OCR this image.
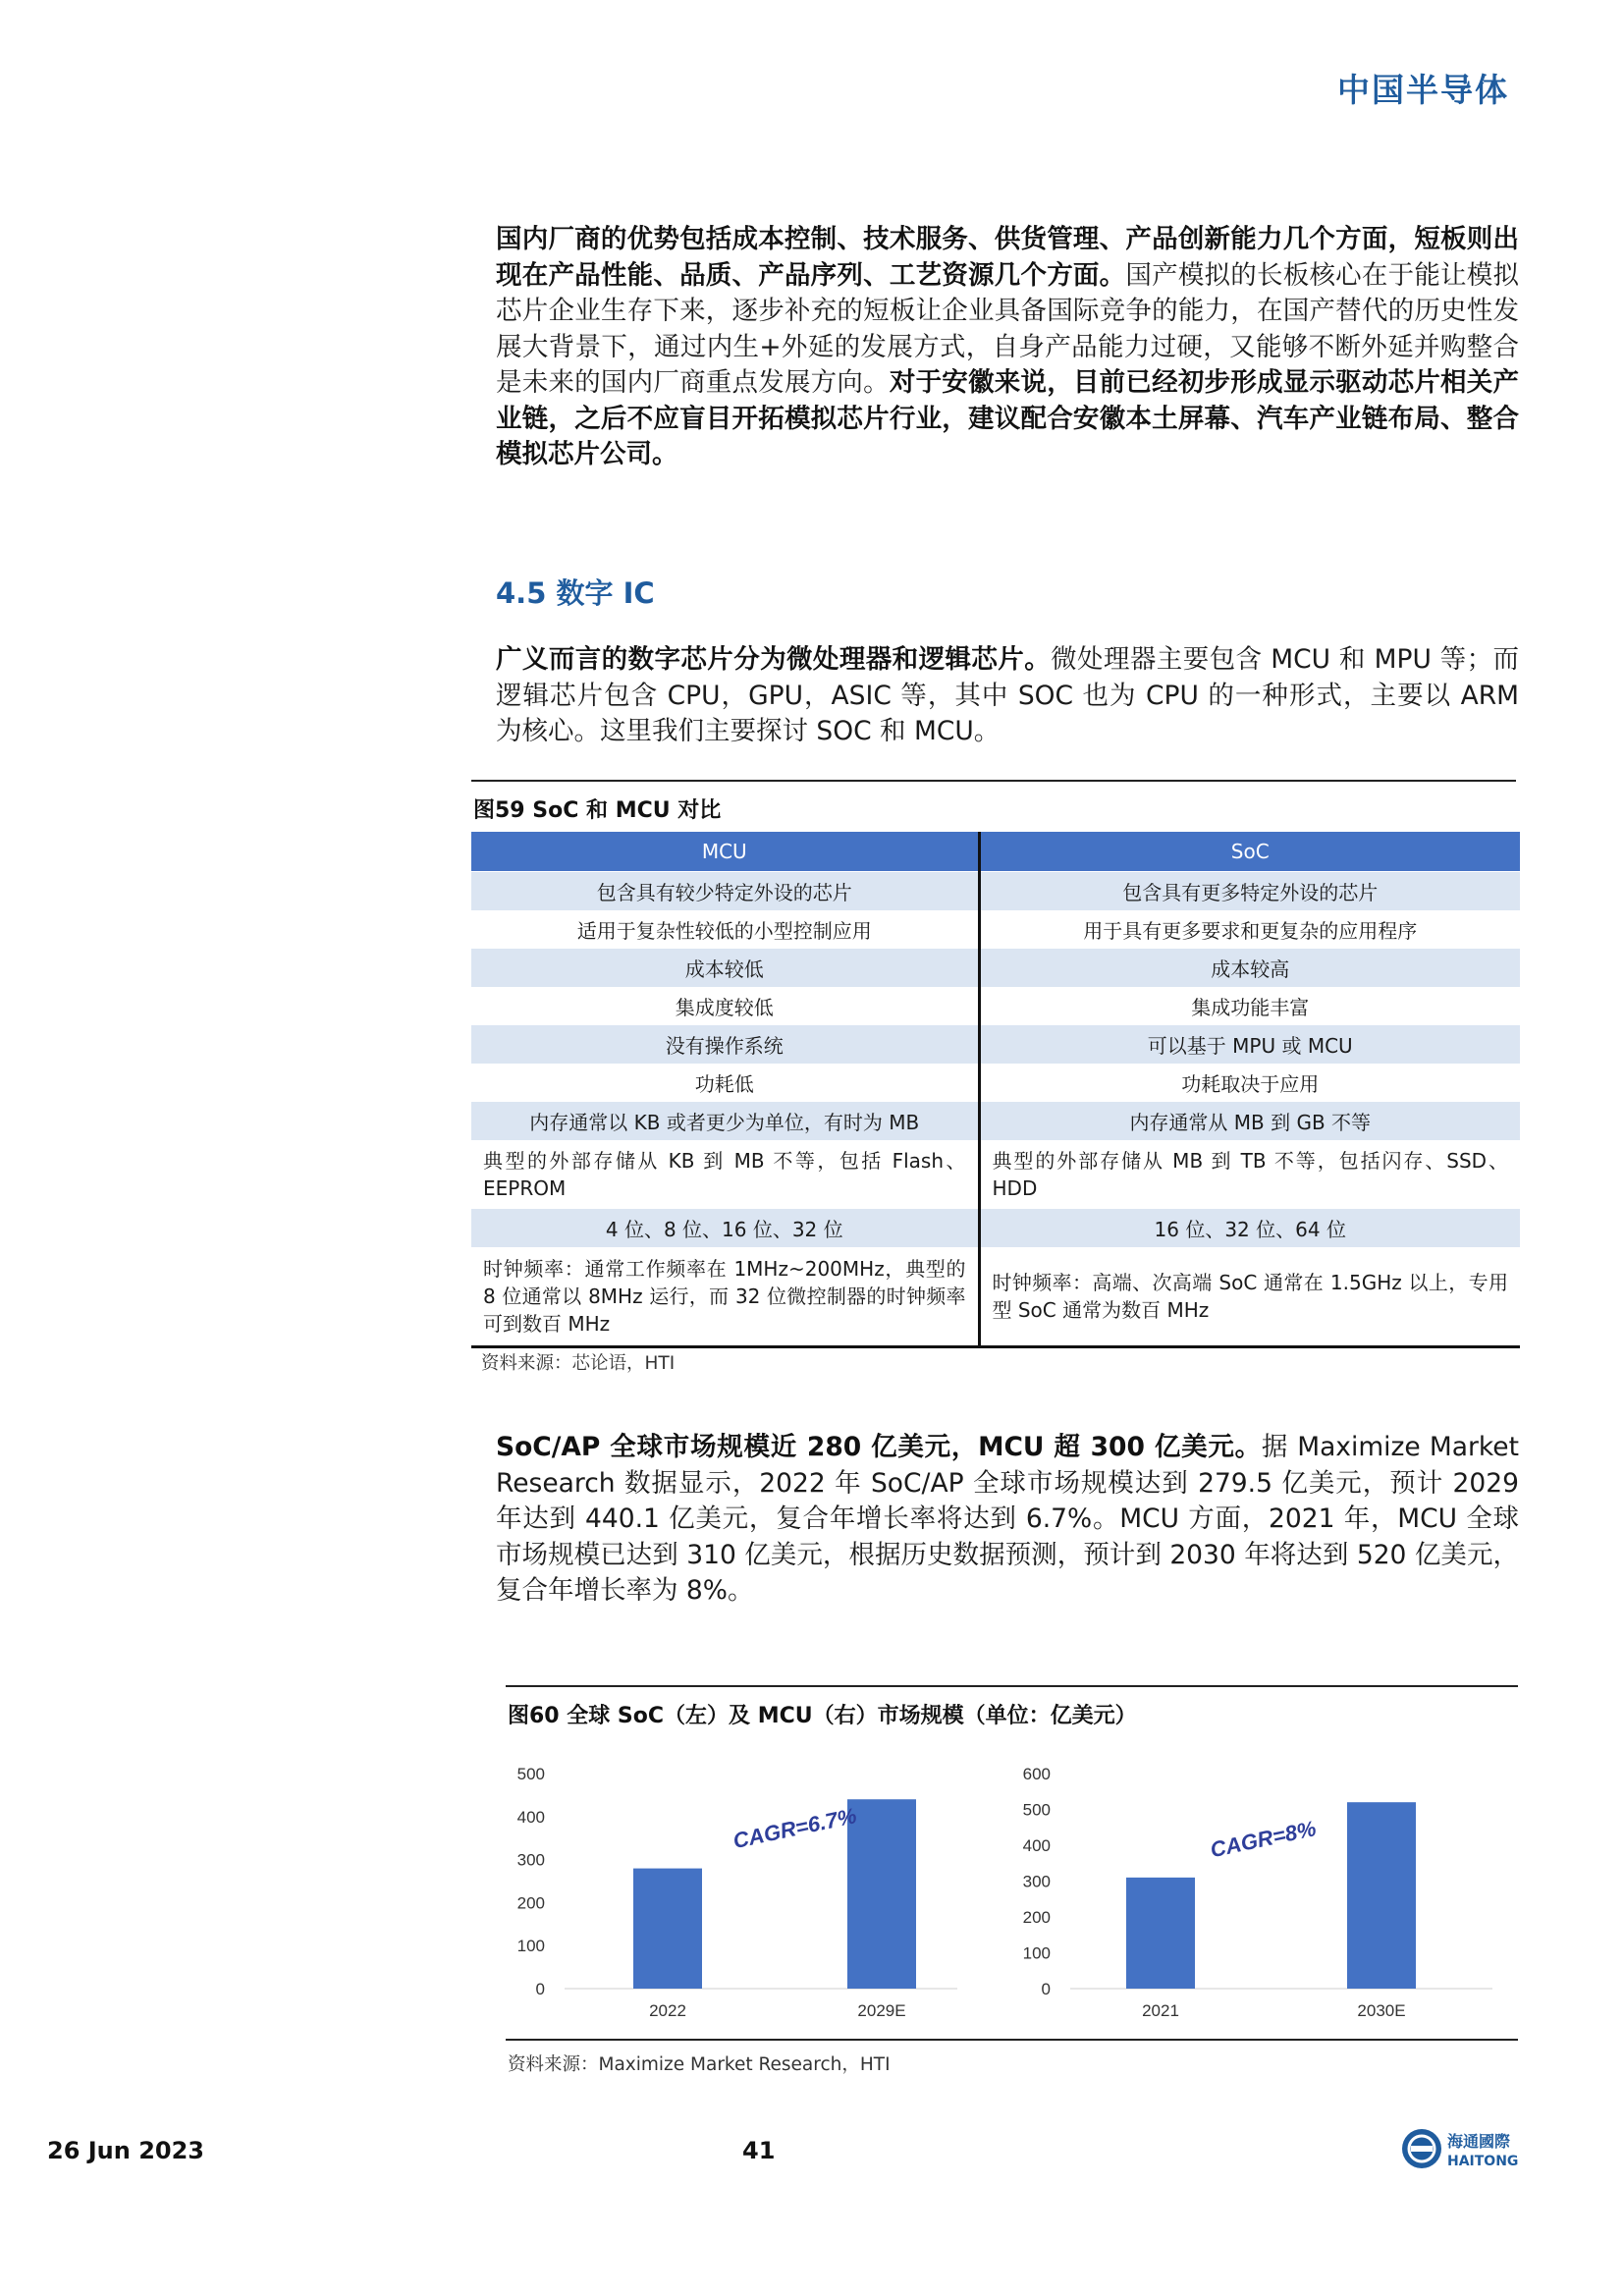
中国半导体

国内厂商的优势包括成本控制、技术服务、供货管理、产品创新能力几个方面，短板则出现在产品性能、品质、产品序列、工艺资源几个方面。国产模拟的长板核心在于能让模拟芯片企业生存下来，逐步补充的短板让企业具备国际竞争的能力，在国产替代的历史性发展大背景下，通过内生+外延的发展方式，自身产品能力过硬，又能够不断外延并购整合是未来的国内厂商重点发展方向。对于安徽来说，目前已经初步形成显示驱动芯片相关产业链，之后不应盲目开拓模拟芯片行业，建议配合安徽本土屏幕、汽车产业链布局、整合模拟芯片公司。

4.5 数字 IC

广义而言的数字芯片分为微处理器和逻辑芯片。微处理器主要包含 MCU 和 MPU 等；而逻辑芯片包含 CPU，GPU，ASIC 等，其中 SOC 也为 CPU 的一种形式，主要以 ARM 为核心。这里我们主要探讨 SOC 和 MCU。

图59 SoC 和 MCU 对比

MCU	SoC
包含具有较少特定外设的芯片	包含具有更多特定外设的芯片
适用于复杂性较低的小型控制应用	用于具有更多要求和更复杂的应用程序
成本较低	成本较高
集成度较低	集成功能丰富
没有操作系统	可以基于 MPU 或 MCU
功耗低	功耗取决于应用
内存通常以 KB 或者更少为单位，有时为 MB	内存通常从 MB 到 GB 不等
典型的外部存储从 KB 到 MB 不等，包括 Flash、EEPROM	典型的外部存储从 MB 到 TB 不等，包括闪存、SSD、HDD
4 位、8 位、16 位、32 位	16 位、32 位、64 位
时钟频率：通常工作频率在 1MHz~200MHz，典型的 8 位通常以 8MHz 运行，而 32 位微控制器的时钟频率可到数百 MHz	时钟频率：高端、次高端 SoC 通常在 1.5GHz 以上，专用型 SoC 通常为数百 MHz

资料来源：芯论语，HTI

SoC/AP 全球市场规模近 280 亿美元，MCU 超 300 亿美元。据 Maximize Market Research 数据显示，2022 年 SoC/AP 全球市场规模达到 279.5 亿美元，预计 2029 年达到 440.1 亿美元，复合年增长率将达到 6.7%。MCU 方面，2021 年，MCU 全球市场规模已达到 310 亿美元，根据历史数据预测，预计到 2030 年将达到 520 亿美元，复合年增长率为 8%。

图60 全球 SoC（左）及 MCU（右）市场规模（单位：亿美元）

0
100
200
300
400
500
2022	2029E
CAGR=6.7%
0
100
200
300
400
500
600
2021	2030E
CAGR=8%

资料来源：Maximize Market Research，HTI

26 Jun 2023	41	海通國際
HAITONG
